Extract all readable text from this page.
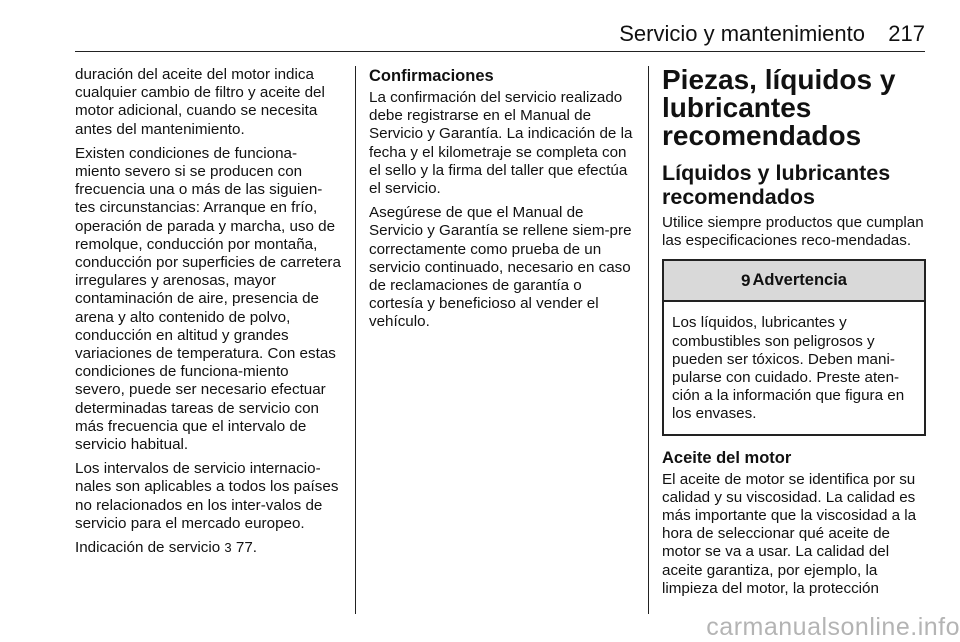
Servicio y mantenimiento 217

duración del aceite del motor indica cualquier cambio de filtro y aceite del motor adicional, cuando se necesita antes del mantenimiento.

Existen condiciones de funciona-miento severo si se producen con frecuencia una o más de las siguien-tes circunstancias: Arranque en frío, operación de parada y marcha, uso de remolque, conducción por montaña, conducción por superficies de carretera irregulares y arenosas, mayor contaminación de aire, presencia de arena y alto contenido de polvo, conducción en altitud y grandes variaciones de temperatura. Con estas condiciones de funciona-miento severo, puede ser necesario efectuar determinadas tareas de servicio con más frecuencia que el intervalo de servicio habitual.

Los intervalos de servicio internacio-nales son aplicables a todos los países no relacionados en los inter-valos de servicio para el mercado europeo.

Indicación de servicio 3 77.

Confirmaciones

La confirmación del servicio realizado debe registrarse en el Manual de Servicio y Garantía. La indicación de la fecha y el kilometraje se completa con el sello y la firma del taller que efectúa el servicio.

Asegúrese de que el Manual de Servicio y Garantía se rellene siem-pre correctamente como prueba de un servicio continuado, necesario en caso de reclamaciones de garantía o cortesía y beneficioso al vender el vehículo.

Piezas, líquidos y lubricantes recomendados

Líquidos y lubricantes recomendados

Utilice siempre productos que cumplan las especificaciones reco-mendadas.

9 Advertencia
Los líquidos, lubricantes y combustibles son peligrosos y pueden ser tóxicos. Deben mani-pularse con cuidado. Preste aten-ción a la información que figura en los envases.

Aceite del motor

El aceite de motor se identifica por su calidad y su viscosidad. La calidad es más importante que la viscosidad a la hora de seleccionar qué aceite de motor se va a usar. La calidad del aceite garantiza, por ejemplo, la limpieza del motor, la protección

carmanualsonline.info
